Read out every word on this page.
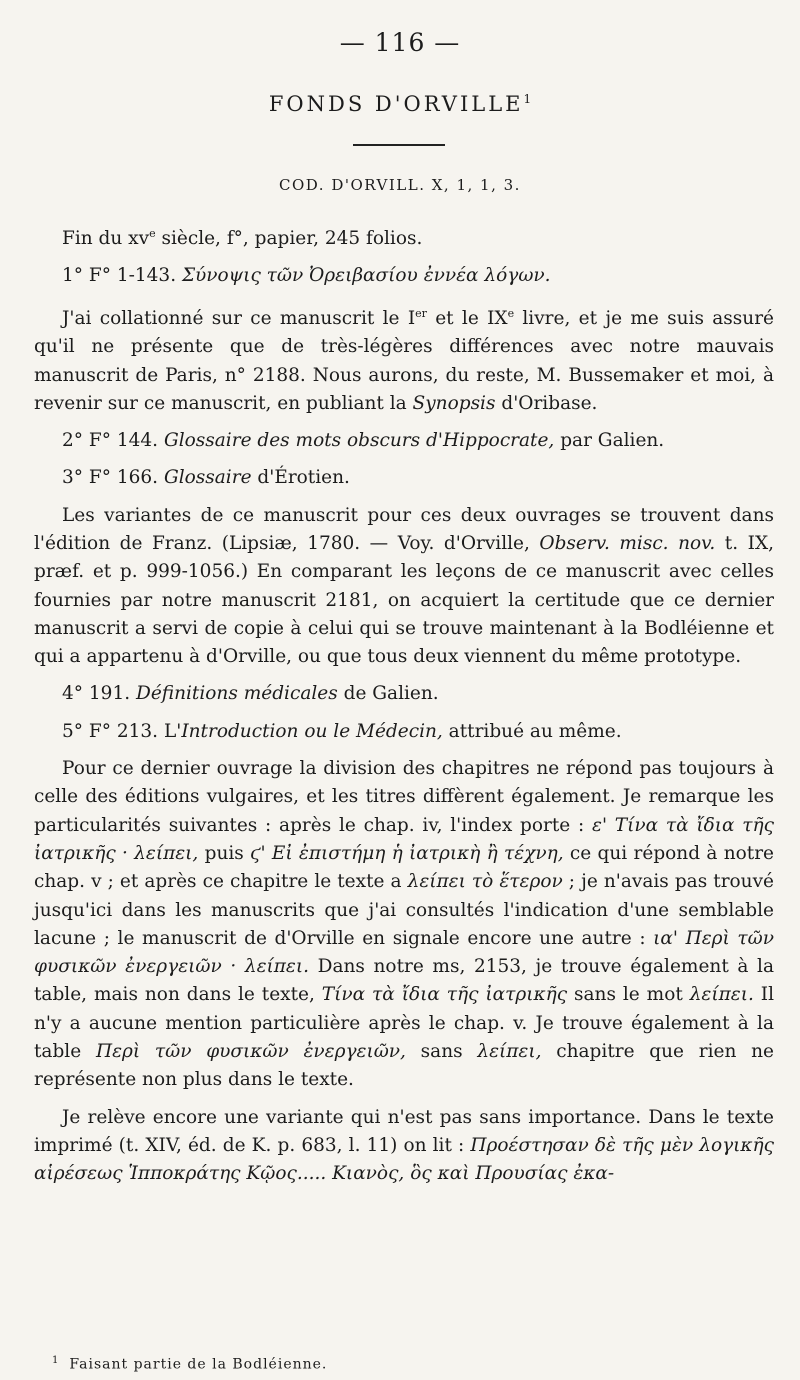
— 116 —
FONDS D'ORVILLE$^1$
COD. D'ORVILL. X, 1, 1, 3.

Fin du $xv^e$ siècle, f°, papier, 245 folios.

1° F° 1-143. Σύνοψις τῶν Ὀρειβασίου ἐννέα λόγων.

J'ai collationné sur ce manuscrit le Ier et le IXe livre, et je me suis assuré qu'il ne présente que de très-légères différences avec notre mauvais manuscrit de Paris, n° 2188. Nous aurons, du reste, M. Bussemaker et moi, à revenir sur ce manuscrit, en publiant la Synopsis d'Oribase.

2° F° 144. Glossaire des mots obscurs d'Hippocrate, par Galien.

3° F° 166. Glossaire d'Érotien.

Les variantes de ce manuscrit pour ces deux ouvrages se trouvent dans l'édition de Franz. (Lipsiæ, 1780. — Voy. d'Orville, Observ. misc. nov. t. IX, præf. et p. 999-1056.) En comparant les leçons de ce manuscrit avec celles fournies par notre manuscrit 2181, on acquiert la certitude que ce dernier manuscrit a servi de copie à celui qui se trouve maintenant à la Bodléienne et qui a appartenu à d'Orville, ou que tous deux viennent du même prototype.

4° 191. Définitions médicales de Galien.

5° F° 213. L'Introduction ou le Médecin, attribué au même.

Pour ce dernier ouvrage la division des chapitres ne répond pas toujours à celle des éditions vulgaires, et les titres diffèrent également. Je remarque les particularités suivantes : après le chap. iv, l'index porte : ε' Τίνα τὰ ἴδια τῆς ἰατρικῆς · λείπει, puis ϛ' Εἰ ἐπιστήμη ἡ ἰατρικὴ ἢ τέχνη, ce qui répond à notre chap. v ; et après ce chapitre le texte a λείπει τὸ ἕτερον ; je n'avais pas trouvé jusqu'ici dans les manuscrits que j'ai consultés l'indication d'une semblable lacune ; le manuscrit de d'Orville en signale encore une autre : ια' Περὶ τῶν φυσικῶν ἐνεργειῶν · λείπει. Dans notre ms, 2153, je trouve également à la table, mais non dans le texte, Τίνα τὰ ἴδια τῆς ἰατρικῆς sans le mot λείπει. Il n'y a aucune mention particulière après le chap. v. Je trouve également à la table Περὶ τῶν φυσικῶν ἐνεργειῶν, sans λείπει, chapitre que rien ne représente non plus dans le texte.

Je relève encore une variante qui n'est pas sans importance. Dans le texte imprimé (t. XIV, éd. de K. p. 683, l. 11) on lit : Προέστησαν δὲ τῆς μὲν λογικῆς αἱρέσεως Ἱπποκράτης Κῷος..... Κιανὸς, ὃς καὶ Προυσίας ἐκα-

$^1$ Faisant partie de la Bodléienne.
